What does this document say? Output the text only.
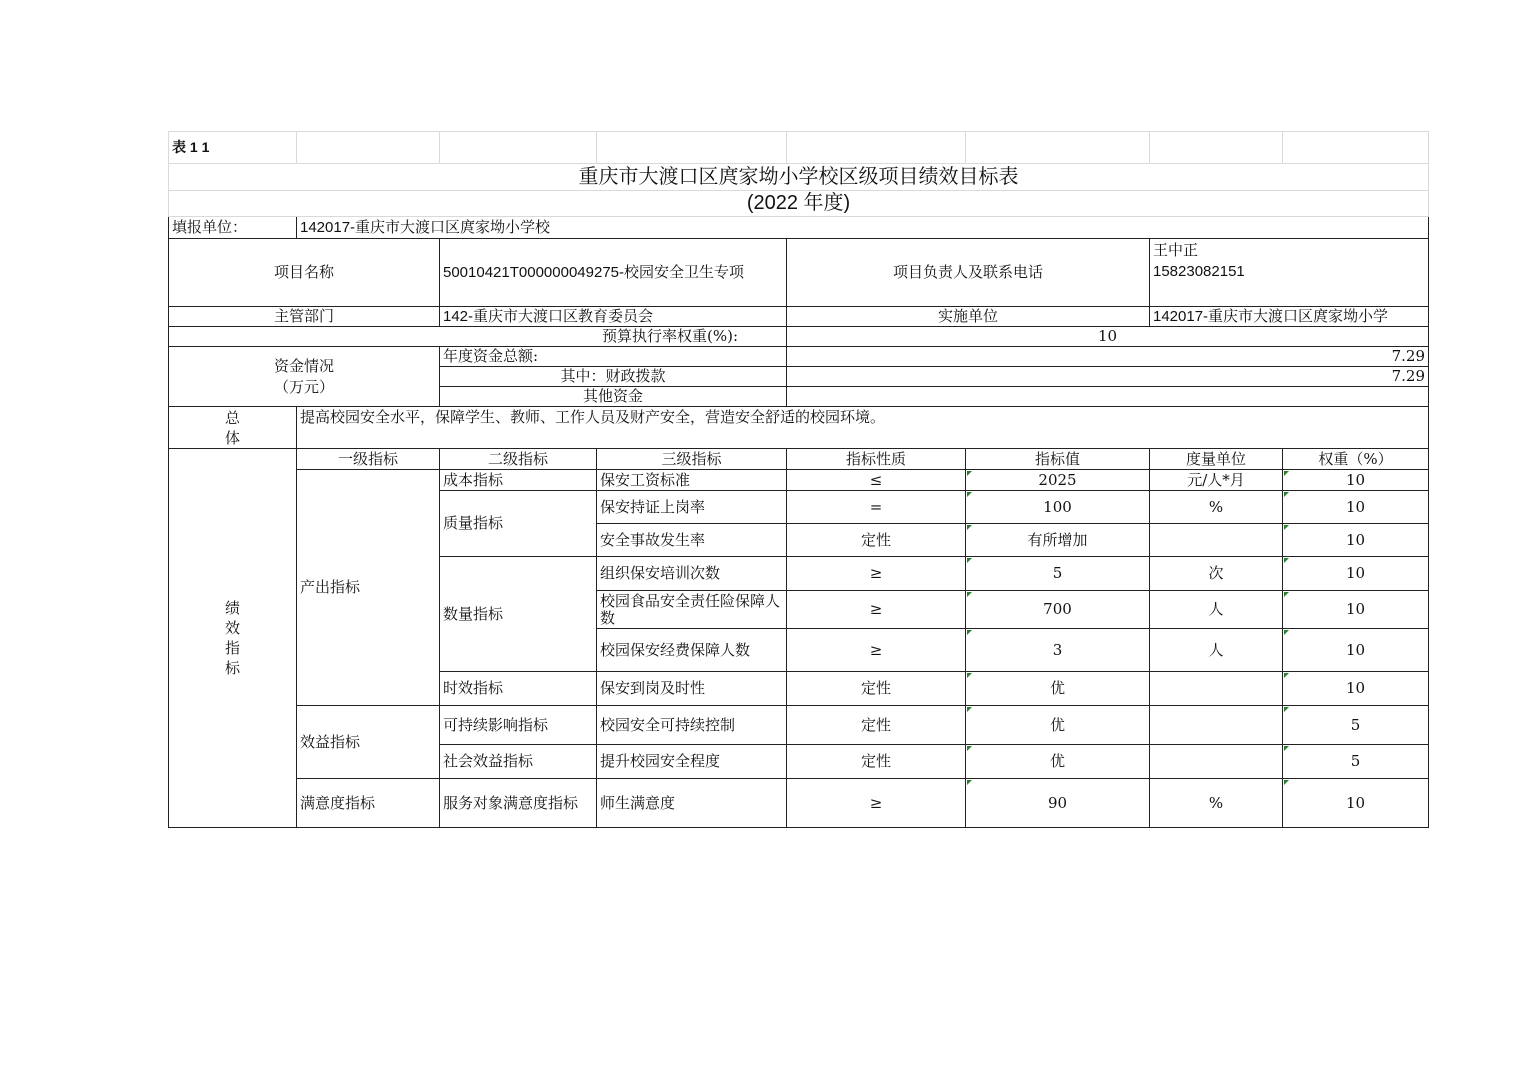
表 1 1							
重庆市大渡口区庹家坳小学校区级项目绩效目标表							
(2022 年度)							
填报单位：	142017-重庆市大渡口区庹家坳小学校						
项目名称		50010421T000000049275-校园安全卫生专项		项目负责人及联系电话		王中正
15823082151	

主管部门		142-重庆市大渡口区教育委员会		实施单位		142017-重庆市大渡口区庹家坳小学	
预算执行率权重(%):				10			

资金情况
（万元）		年度资金总额:		7.29			
		其中：财政拨款		7.29			
		其他资金					

总体	提高校园安全水平，保障学生、教师、工作人员及财产安全，营造安全舒适的校园环境。						

绩效指标	一级指标	二级指标	三级指标	指标性质	指标值	度量单位	权重（%）
	产出指标	成本指标	保安工资标准	≤	2025	元/人*月	10
		质量指标	保安持证上岗率	=	100	%	10
			安全事故发生率	定性	有所增加		10
		数量指标	组织保安培训次数	≥	5	次	10
			校园食品安全责任险保障人数	≥	700	人	10
			校园保安经费保障人数	≥	3	人	10
		时效指标	保安到岗及时性	定性	优		10
	效益指标	可持续影响指标	校园安全可持续控制	定性	优		5
		社会效益指标	提升校园安全程度	定性	优		5
	满意度指标	服务对象满意度指标	师生满意度	≥	90	%	10
